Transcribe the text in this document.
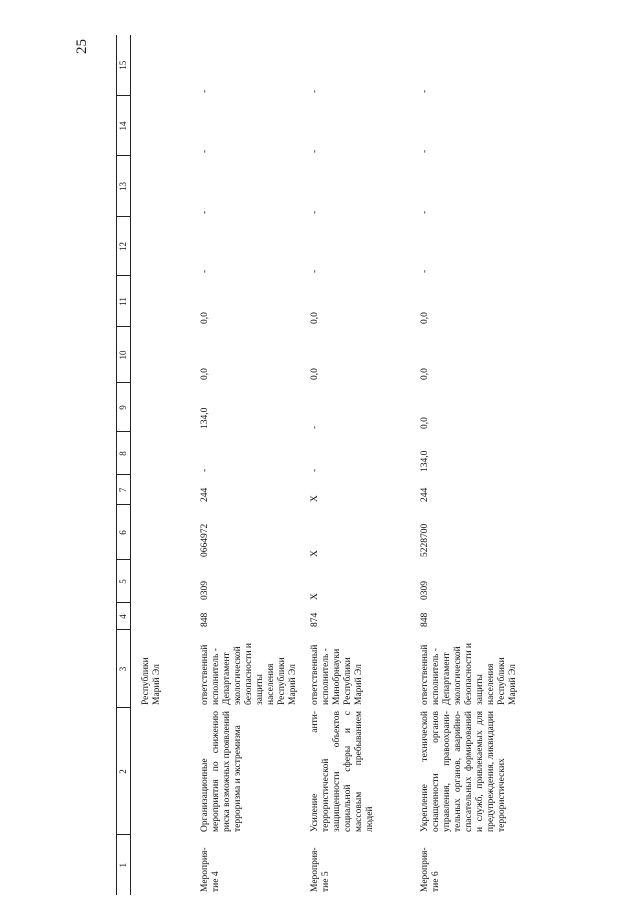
25
1	2	3	4	5	6	7	8	9	10	11	12	13	14	15
		Республики Марий Эл												
Мероприя-тие 4	Организационные мероприятия по снижению риска возможных проявлений терроризма и экстремизма	ответственный исполнитель - Департамент экологической безопасности и защиты населения Республики Марий Эл	848	0309	0664972	244	-	134,0	0,0	0,0	-	-	-	-
Мероприя-тие 5	Усиление анти-террористической защищенности объектов социальной сферы и с массовым пребыванием людей	ответственный исполнитель - Минобрнауки Республики Марий Эл	874	Х	Х	Х	-	-	0,0	0,0	-	-	-	-
Мероприя-тие 6	Укрепление технической оснащенности органов управления, правоохрани-тельных органов, аварийно-спасательных формирований и служб, привлекаемых для предупреждения, ликвидации террористических	ответственный исполнитель - Департамент экологической безопасности и защиты населения Республики Марий Эл	848	0309	5228700	244	134,0	0,0	0,0	0,0	-	-	-	-
